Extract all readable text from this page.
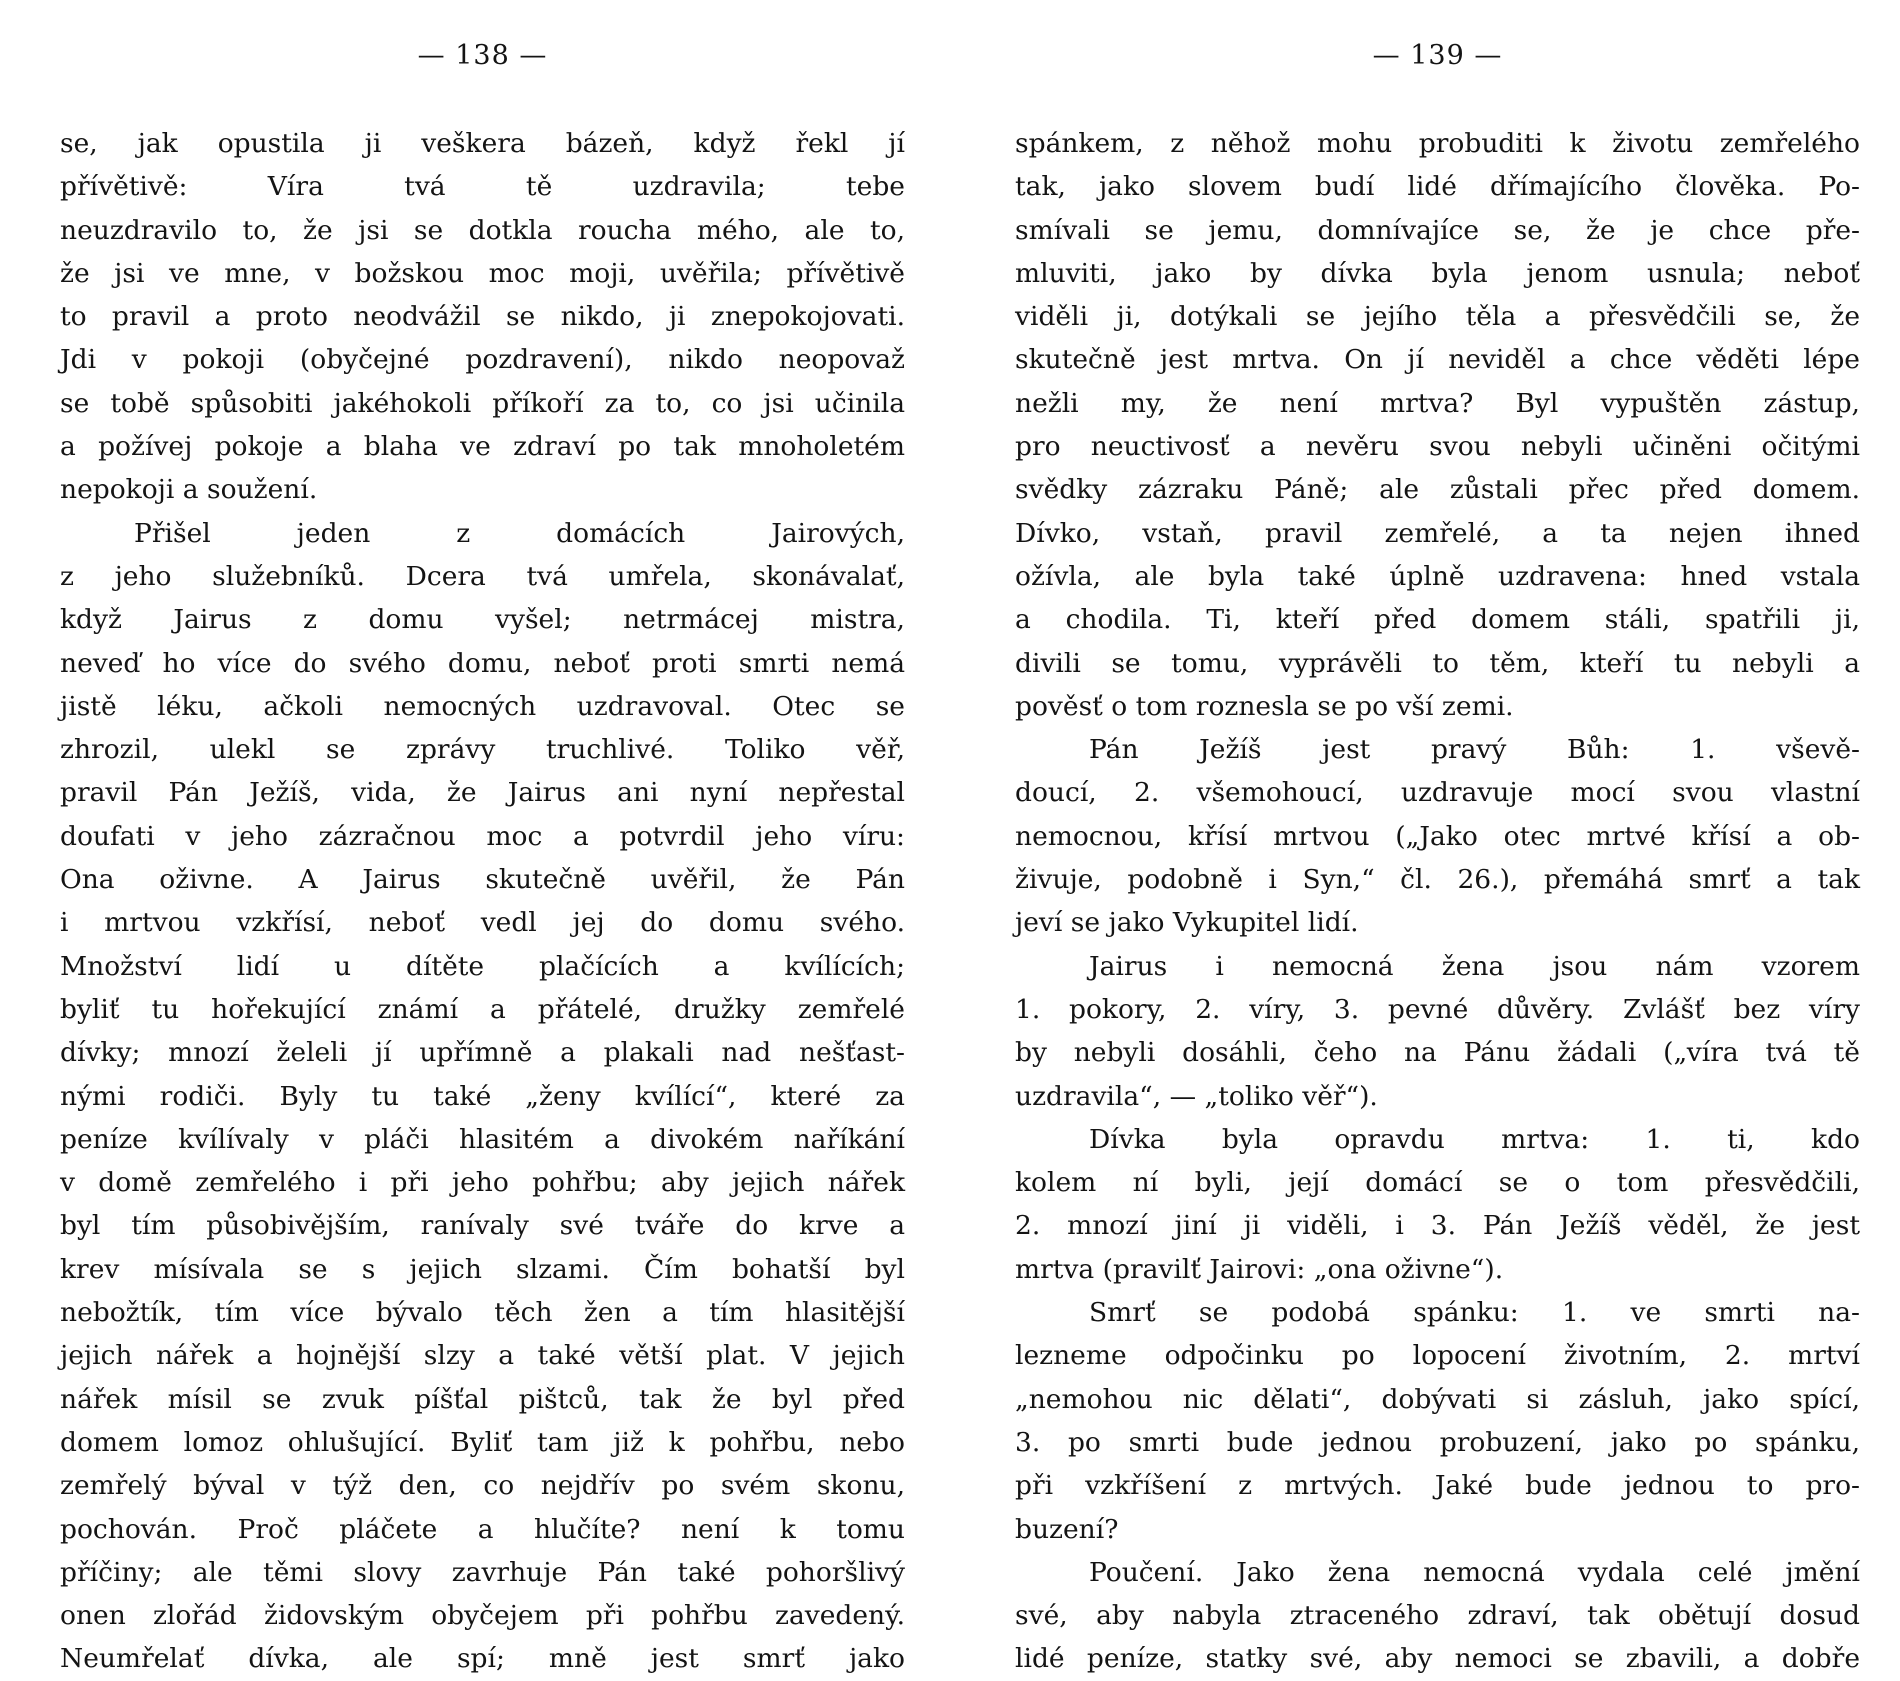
— 138 —
se, jak opustila ji veškera bázeň, když řekl jí
přívětivě: Víra tvá tě uzdravila; tebe
neuzdravilo to, že jsi se dotkla roucha mého, ale to,
že jsi ve mne, v božskou moc moji, uvěřila; přívětivě
to pravil a proto neodvážil se nikdo, ji znepokojovati.
Jdi v pokoji (obyčejné pozdravení), nikdo neopovaž
se tobě spůsobiti jakéhokoli příkoří za to, co jsi učinila
a požívej pokoje a blaha ve zdraví po tak mnoholetém
nepokoji a soužení.
Přišel jeden z domácích Jairových,
z jeho služebníků. Dcera tvá umřela, skonávalať,
když Jairus z domu vyšel; netrmácej mistra,
neveď ho více do svého domu, neboť proti smrti nemá
jistě léku, ačkoli nemocných uzdravoval. Otec se
zhrozil, ulekl se zprávy truchlivé. Toliko věř,
pravil Pán Ježíš, vida, že Jairus ani nyní nepřestal
doufati v jeho zázračnou moc a potvrdil jeho víru:
Ona oživne. A Jairus skutečně uvěřil, že Pán
i mrtvou vzkřísí, neboť vedl jej do domu svého.
Množství lidí u dítěte plačících a kvílících;
byliť tu hořekující známí a přátelé, družky zemřelé
dívky; mnozí želeli jí upřímně a plakali nad nešťast-
nými rodiči. Byly tu také „ženy kvílící“, které za
peníze kvílívaly v pláči hlasitém a divokém naříkání
v domě zemřelého i při jeho pohřbu; aby jejich nářek
byl tím působivějším, ranívaly své tváře do krve a
krev mísívala se s jejich slzami. Čím bohatší byl
nebožtík, tím více bývalo těch žen a tím hlasitější
jejich nářek a hojnější slzy a také větší plat. V jejich
nářek mísil se zvuk píšťal pištců, tak že byl před
domem lomoz ohlušující. Byliť tam již k pohřbu, nebo
zemřelý býval v týž den, co nejdřív po svém skonu,
pochován. Proč pláčete a hlučíte? není k tomu
příčiny; ale těmi slovy zavrhuje Pán také pohoršlivý
onen zlořád židovským obyčejem při pohřbu zavedený.
Neumřelať dívka, ale spí; mně jest smrť jako
— 139 —
spánkem, z něhož mohu probuditi k životu zemřelého
tak, jako slovem budí lidé dřímajícího člověka. Po-
smívali se jemu, domnívajíce se, že je chce pře-
mluviti, jako by dívka byla jenom usnula; neboť
viděli ji, dotýkali se jejího těla a přesvědčili se, že
skutečně jest mrtva. On jí neviděl a chce věděti lépe
nežli my, že není mrtva? Byl vypuštěn zástup,
pro neuctivosť a nevěru svou nebyli učiněni očitými
svědky zázraku Páně; ale zůstali přec před domem.
Dívko, vstaň, pravil zemřelé, a ta nejen ihned
ožívla, ale byla také úplně uzdravena: hned vstala
a chodila. Ti, kteří před domem stáli, spatřili ji,
divili se tomu, vyprávěli to těm, kteří tu nebyli a
pověsť o tom roznesla se po vší zemi.
Pán Ježíš jest pravý Bůh: 1. vševě-
doucí, 2. všemohoucí, uzdravuje mocí svou vlastní
nemocnou, křísí mrtvou („Jako otec mrtvé křísí a ob-
živuje, podobně i Syn,“ čl. 26.), přemáhá smrť a tak
jeví se jako Vykupitel lidí.
Jairus i nemocná žena jsou nám vzorem
1. pokory, 2. víry, 3. pevné důvěry. Zvlášť bez víry
by nebyli dosáhli, čeho na Pánu žádali („víra tvá tě
uzdravila“, — „toliko věř“).
Dívka byla opravdu mrtva: 1. ti, kdo
kolem ní byli, její domácí se o tom přesvědčili,
2. mnozí jiní ji viděli, i 3. Pán Ježíš věděl, že jest
mrtva (pravilť Jairovi: „ona oživne“).
Smrť se podobá spánku: 1. ve smrti na-
lezneme odpočinku po lopocení životním, 2. mrtví
„nemohou nic dělati“, dobývati si zásluh, jako spící,
3. po smrti bude jednou probuzení, jako po spánku,
při vzkříšení z mrtvých. Jaké bude jednou to pro-
buzení?
Poučení. Jako žena nemocná vydala celé jmění
své, aby nabyla ztraceného zdraví, tak obětují dosud
lidé peníze, statky své, aby nemoci se zbavili, a dobře
